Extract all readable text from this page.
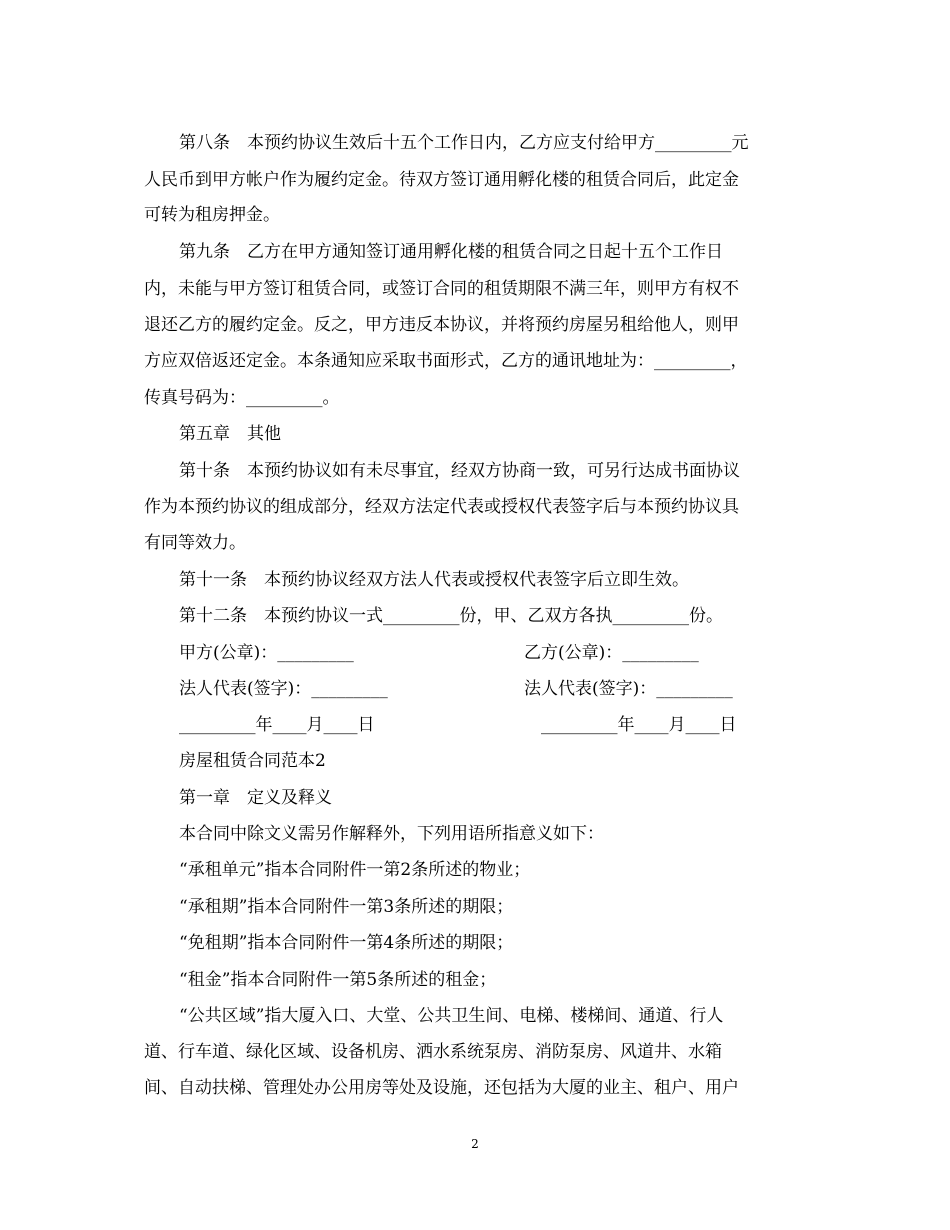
第八条　本预约协议生效后十五个工作日内，乙方应支付给甲方_________元
人民币到甲方帐户作为履约定金。待双方签订通用孵化楼的租赁合同后，此定金
可转为租房押金。
第九条　乙方在甲方通知签订通用孵化楼的租赁合同之日起十五个工作日
内，未能与甲方签订租赁合同，或签订合同的租赁期限不满三年，则甲方有权不
退还乙方的履约定金。反之，甲方违反本协议，并将预约房屋另租给他人，则甲
方应双倍返还定金。本条通知应采取书面形式，乙方的通讯地址为：_________，
传真号码为：_________。
第五章　其他
第十条　本预约协议如有未尽事宜，经双方协商一致，可另行达成书面协议
作为本预约协议的组成部分，经双方法定代表或授权代表签字后与本预约协议具
有同等效力。
第十一条　本预约协议经双方法人代表或授权代表签字后立即生效。
第十二条　本预约协议一式_________份，甲、乙双方各执_________份。
甲方(公章)：_________	乙方(公章)：_________
法人代表(签字)：_________	法人代表(签字)：_________
_________年____月____日	_________年____月____日
房屋租赁合同范本2
第一章　定义及释义
本合同中除文义需另作解释外，下列用语所指意义如下：
“承租单元”指本合同附件一第2条所述的物业；
“承租期”指本合同附件一第3条所述的期限；
“免租期”指本合同附件一第4条所述的期限；
“租金”指本合同附件一第5条所述的租金；
“公共区域”指大厦入口、大堂、公共卫生间、电梯、楼梯间、通道、行人
道、行车道、绿化区域、设备机房、洒水系统泵房、消防泵房、风道井、水箱
间、自动扶梯、管理处办公用房等处及设施，还包括为大厦的业主、租户、用户
2
